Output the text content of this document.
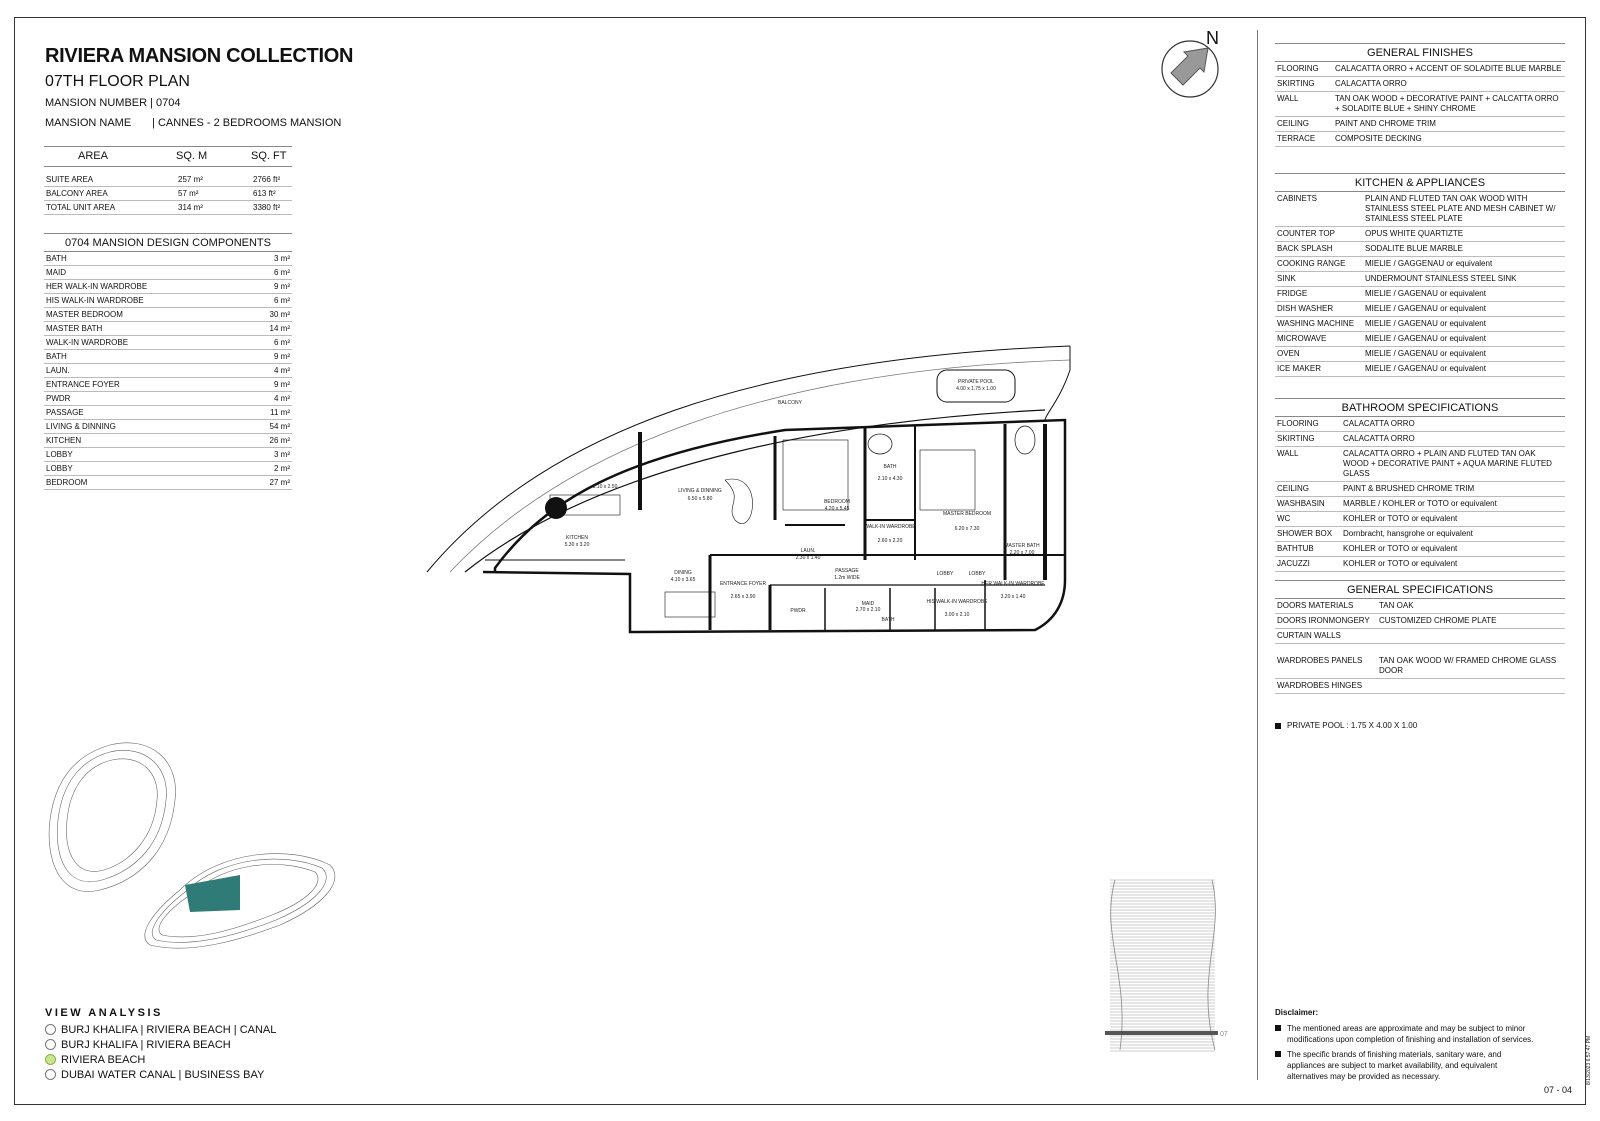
RIVIERA MANSION COLLECTION
07TH FLOOR PLAN
MANSION NUMBER | 0704
MANSION NAME | CANNES - 2 BEDROOMS MANSION
AREA	SQ. M	SQ. FT

SUITE AREA	257 m²	2766 ft²
BALCONY AREA	57 m²	613 ft²
TOTAL UNIT AREA	314 m²	3380 ft²
0704 MANSION DESIGN COMPONENTS
BATH	3 m²
MAID	6 m²
HER WALK-IN WARDROBE	9 m²
HIS WALK-IN WARDROBE	6 m²
MASTER BEDROOM	30 m²
MASTER BATH	14 m²
WALK-IN WARDROBE	6 m²
BATH	9 m²
LAUN.	4 m²
ENTRANCE FOYER	9 m²
PWDR	4 m²
PASSAGE	11 m²
LIVING & DINNING	54 m²
KITCHEN	26 m²
LOBBY	3 m²
LOBBY	2 m²
BEDROOM	27 m²
N
PRIVATE POOL
4.00 x 1.75 x 1.00
BALCONY
3.10 x 2.50
LIVING & DINNING
6.50 x 5.80
KITCHEN
5.30 x 3.20
BEDROOM
4.20 x 5.45
BATH
2.10 x 4.30
WALK-IN WARDROBE
2.60 x 2.20
MASTER BEDROOM
6.20 x 7.30
MASTER BATH
2.20 x 7.00
LAUN.
2.30 x 1.40
PASSAGE
1.2m WIDE
DINING
4.10 x 3.65
ENTRANCE FOYER
2.65 x 3.90
PWDR
MAID
2.70 x 2.10
BATH
LOBBY	LOBBY
HIS WALK-IN WARDROBE
3.00 x 2.10
HER WALK-IN WARDROBE
3.20 x 1.40
GENERAL FINISHES
FLOORING	CALACATTA ORRO + ACCENT OF SOLADITE BLUE MARBLE
SKIRTING	CALACATTA ORRO
WALL	TAN OAK WOOD + DECORATIVE PAINT + CALCATTA ORRO + SOLADITE BLUE + SHINY CHROME
CEILING	PAINT AND CHROME TRIM
TERRACE	COMPOSITE DECKING
KITCHEN & APPLIANCES
CABINETS	PLAIN AND FLUTED TAN OAK WOOD WITH STAINLESS STEEL PLATE AND MESH CABINET W/ STAINLESS STEEL PLATE
COUNTER TOP	OPUS WHITE QUARTIZTE
BACK SPLASH	SODALITE BLUE MARBLE
COOKING RANGE	MIELIE / GAGGENAU or equivalent
SINK	UNDERMOUNT STAINLESS STEEL SINK
FRIDGE	MIELIE / GAGENAU or equivalent
DISH WASHER	MIELIE / GAGENAU or equivalent
WASHING MACHINE	MIELIE / GAGENAU or equivalent
MICROWAVE	MIELIE / GAGENAU or equivalent
OVEN	MIELIE / GAGENAU or equivalent
ICE MAKER	MIELIE / GAGENAU or equivalent
BATHROOM SPECIFICATIONS
FLOORING	CALACATTA ORRO
SKIRTING	CALACATTA ORRO
WALL	CALACATTA ORRO + PLAIN AND FLUTED TAN OAK WOOD + DECORATIVE PAINT + AQUA MARINE FLUTED GLASS
CEILING	PAINT & BRUSHED CHROME TRIM
WASHBASIN	MARBLE / KOHLER or TOTO or equivalent
WC	KOHLER or TOTO or equivalent
SHOWER BOX	Dornbracht, hansgrohe or equivalent
BATHTUB	KOHLER or TOTO or equivalent
JACUZZI	KOHLER or TOTO or equivalent
GENERAL SPECIFICATIONS
DOORS MATERIALS	TAN OAK
DOORS IRONMONGERY	CUSTOMIZED CHROME PLATE
CURTAIN WALLS
WARDROBES PANELS	TAN OAK WOOD W/ FRAMED CHROME GLASS DOOR
WARDROBES HINGES
PRIVATE POOL : 1.75 X 4.00 X 1.00
VIEW ANALYSIS
BURJ KHALIFA | RIVIERA BEACH | CANAL
BURJ KHALIFA | RIVIERA BEACH
RIVIERA BEACH
DUBAI WATER CANAL | BUSINESS BAY
07
Disclaimer:
The mentioned areas are approximate and may be subject to minor modifications upon completion of finishing and installation of services.
The specific brands of finishing materials, sanitary ware, and appliances are subject to market availability, and equivalent alternatives may be provided as necessary.
07 - 04
8/13/2023 6:57:47 PM
